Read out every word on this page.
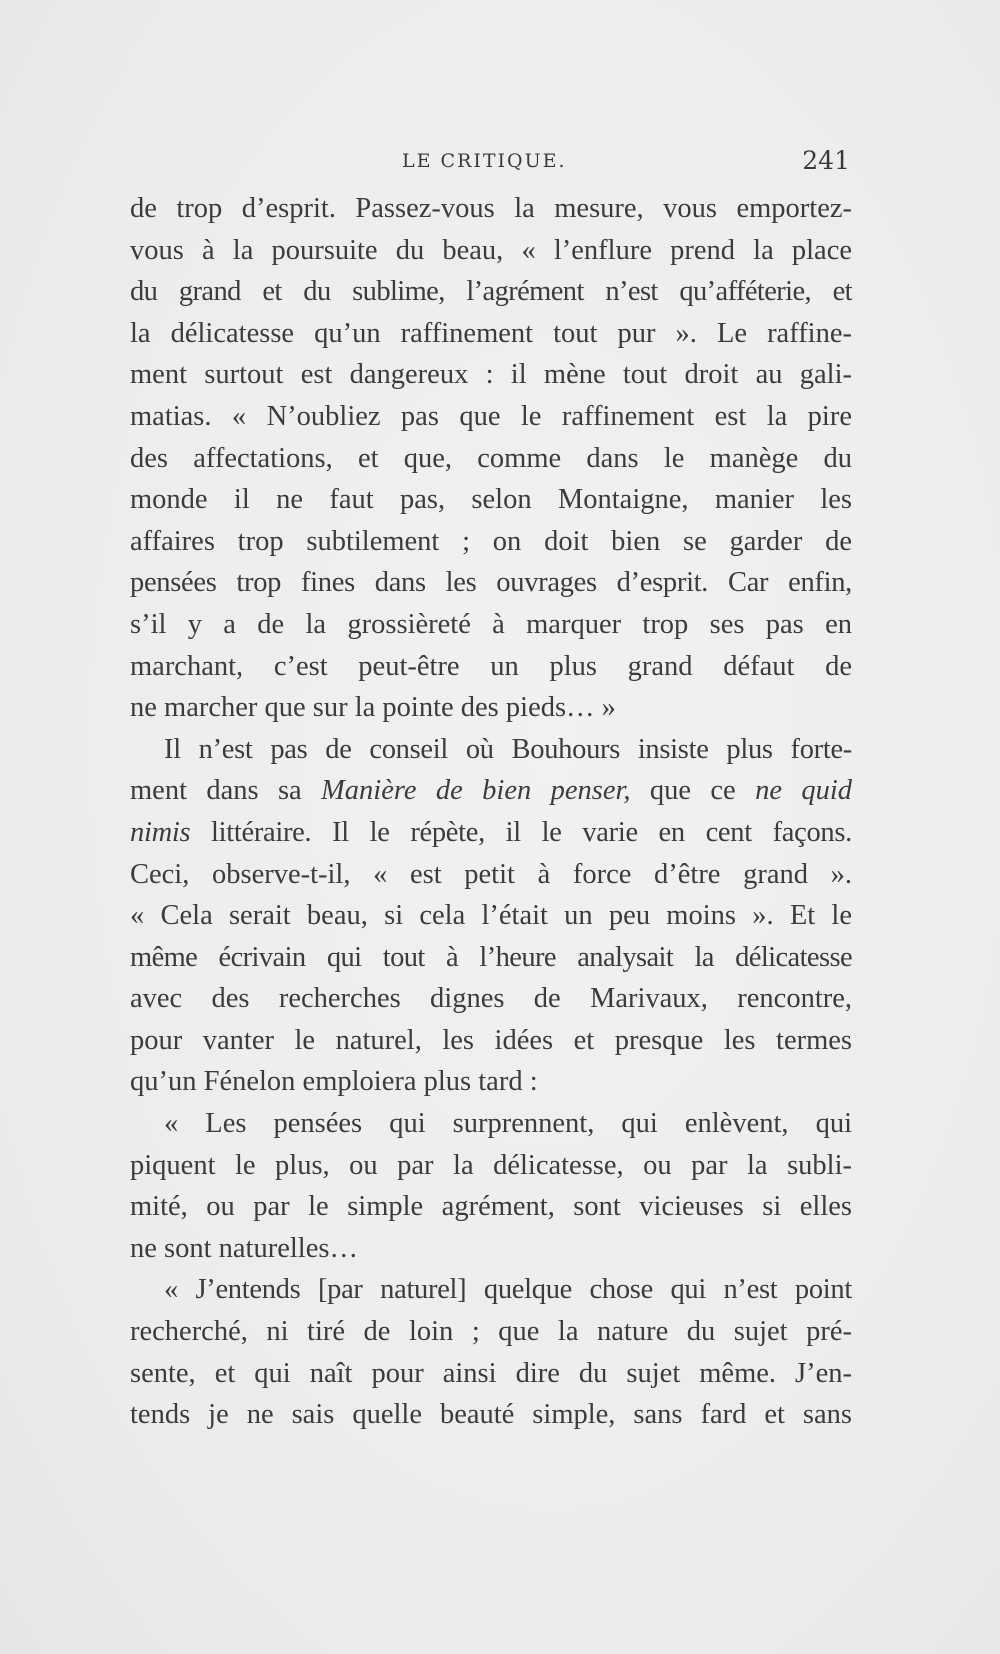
LE CRITIQUE.	241
de trop d’esprit. Passez-vous la mesure, vous emportez-
vous à la poursuite du beau, « l’enflure prend la place
du grand et du sublime, l’agrément n’est qu’afféterie, et
la délicatesse qu’un raffinement tout pur ». Le raffine-
ment surtout est dangereux : il mène tout droit au gali-
matias. « N’oubliez pas que le raffinement est la pire
des affectations, et que, comme dans le manège du
monde il ne faut pas, selon Montaigne, manier les
affaires trop subtilement ; on doit bien se garder de
pensées trop fines dans les ouvrages d’esprit. Car enfin,
s’il y a de la grossièreté à marquer trop ses pas en
marchant, c’est peut-être un plus grand défaut de
ne marcher que sur la pointe des pieds… »
Il n’est pas de conseil où Bouhours insiste plus forte-
ment dans sa Manière de bien penser, que ce ne quid
nimis littéraire. Il le répète, il le varie en cent façons.
Ceci, observe-t-il, « est petit à force d’être grand ».
« Cela serait beau, si cela l’était un peu moins ». Et le
même écrivain qui tout à l’heure analysait la délicatesse
avec des recherches dignes de Marivaux, rencontre,
pour vanter le naturel, les idées et presque les termes
qu’un Fénelon emploiera plus tard :
« Les pensées qui surprennent, qui enlèvent, qui
piquent le plus, ou par la délicatesse, ou par la subli-
mité, ou par le simple agrément, sont vicieuses si elles
ne sont naturelles…
« J’entends [par naturel] quelque chose qui n’est point
recherché, ni tiré de loin ; que la nature du sujet pré-
sente, et qui naît pour ainsi dire du sujet même. J’en-
tends je ne sais quelle beauté simple, sans fard et sans
